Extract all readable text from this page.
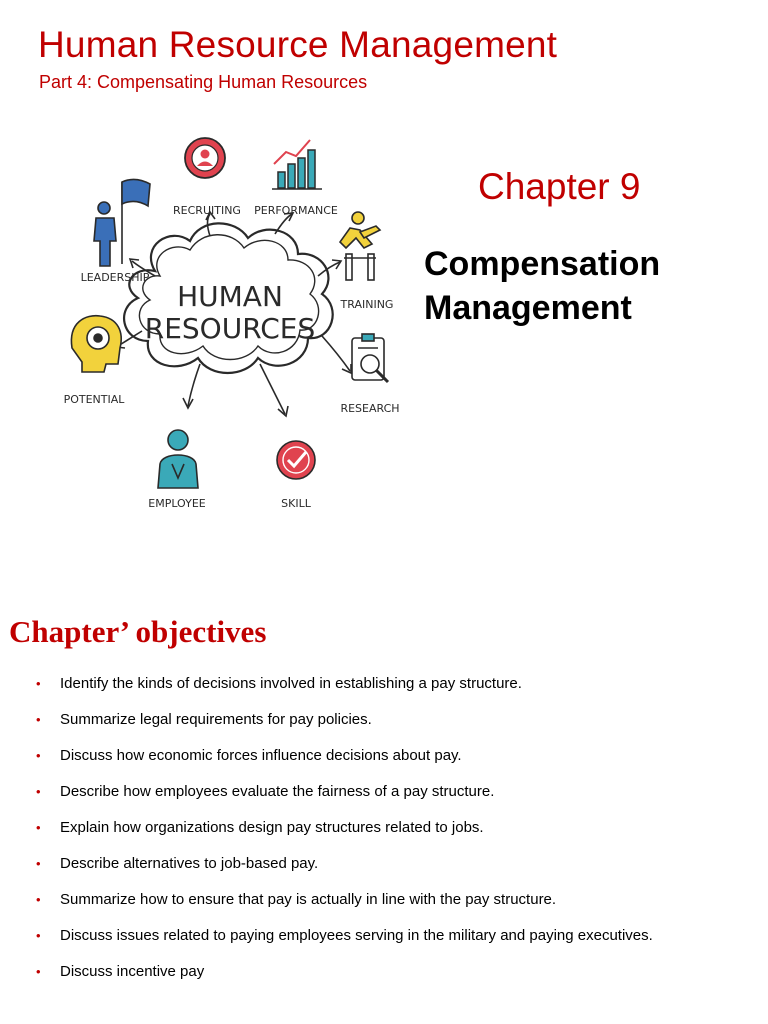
Human Resource Management

Part 4: Compensating Human Resources

HUMAN
RESOURCES
RECRUITING PERFORMANCE
LEADERSHIP
TRAINING
POTENTIAL
RESEARCH
EMPLOYEE	SKILL
Chapter 9
Compensation
Management
Chapter’ objectives
• Identify the kinds of decisions involved in establishing a pay structure.
• Summarize legal requirements for pay policies.
• Discuss how economic forces influence decisions about pay.
• Describe how employees evaluate the fairness of a pay structure.
• Explain how organizations design pay structures related to jobs.
• Describe alternatives to job-based pay.
• Summarize how to ensure that pay is actually in line with the pay structure.
• Discuss issues related to paying employees serving in the military and paying executives.
• Discuss incentive pay
